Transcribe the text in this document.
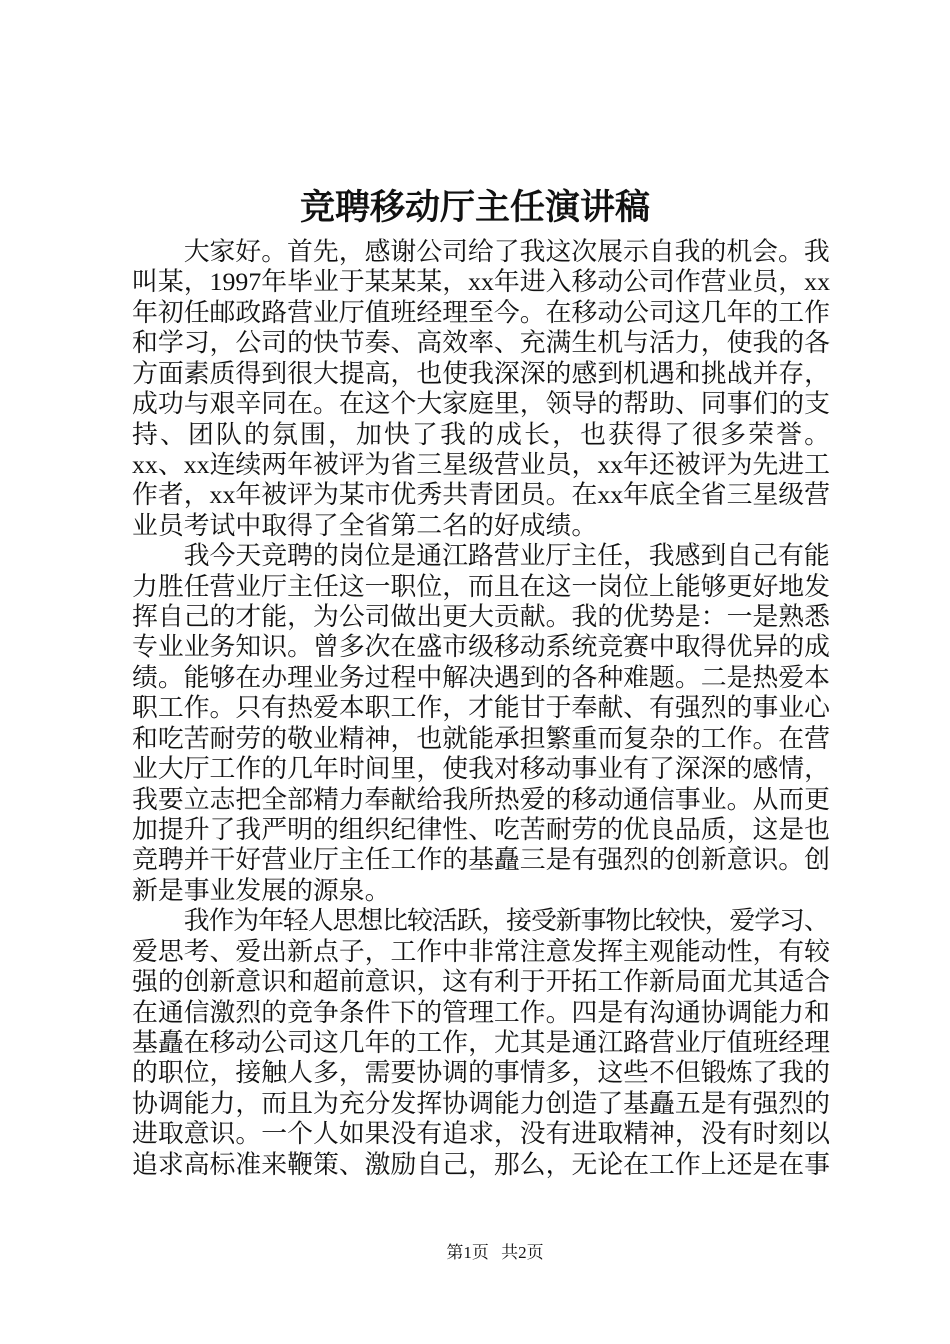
竞聘移动厅主任演讲稿
大家好。首先，感谢公司给了我这次展示自我的机会。我
叫某，1997年毕业于某某某，xx年进入移动公司作营业员，xx
年初任邮政路营业厅值班经理至今。在移动公司这几年的工作
和学习，公司的快节奏、高效率、充满生机与活力，使我的各
方面素质得到很大提高，也使我深深的感到机遇和挑战并存，
成功与艰辛同在。在这个大家庭里，领导的帮助、同事们的支
持、团队的氛围，加快了我的成长，也获得了很多荣誉。
xx、xx连续两年被评为省三星级营业员，xx年还被评为先进工
作者，xx年被评为某市优秀共青团员。在xx年底全省三星级营
业员考试中取得了全省第二名的好成绩。
我今天竞聘的岗位是通江路营业厅主任，我感到自己有能
力胜任营业厅主任这一职位，而且在这一岗位上能够更好地发
挥自己的才能，为公司做出更大贡献。我的优势是：一是熟悉
专业业务知识。曾多次在盛市级移动系统竞赛中取得优异的成
绩。能够在办理业务过程中解决遇到的各种难题。二是热爱本
职工作。只有热爱本职工作，才能甘于奉献、有强烈的事业心
和吃苦耐劳的敬业精神，也就能承担繁重而复杂的工作。在营
业大厅工作的几年时间里，使我对移动事业有了深深的感情，
我要立志把全部精力奉献给我所热爱的移动通信事业。从而更
加提升了我严明的组织纪律性、吃苦耐劳的优良品质，这是也
竞聘并干好营业厅主任工作的基矗三是有强烈的创新意识。创
新是事业发展的源泉。
我作为年轻人思想比较活跃，接受新事物比较快，爱学习、
爱思考、爱出新点子，工作中非常注意发挥主观能动性，有较
强的创新意识和超前意识，这有利于开拓工作新局面尤其适合
在通信激烈的竞争条件下的管理工作。四是有沟通协调能力和
基矗在移动公司这几年的工作，尤其是通江路营业厅值班经理
的职位，接触人多，需要协调的事情多，这些不但锻炼了我的
协调能力，而且为充分发挥协调能力创造了基矗五是有强烈的
进取意识。一个人如果没有追求，没有进取精神，没有时刻以
追求高标准来鞭策、激励自己，那么，无论在工作上还是在事
第1页 共2页
